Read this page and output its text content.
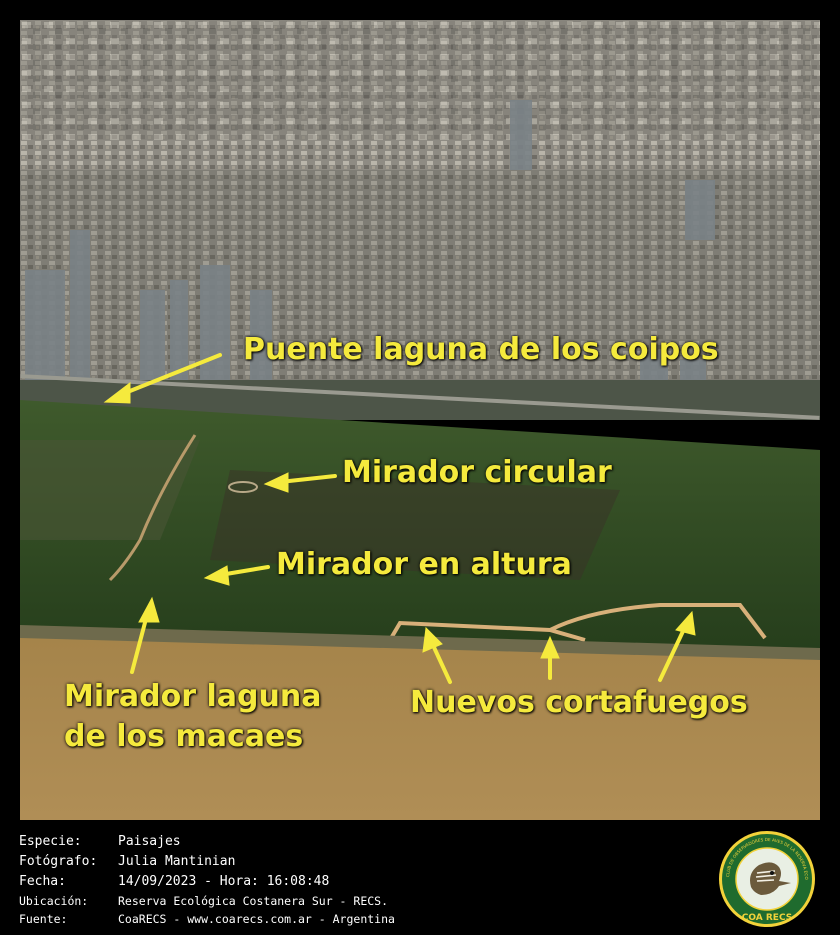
Puente laguna de los coipos
Mirador circular
Mirador en altura
Mirador laguna
de los macaes
Nuevos cortafuegos
Especie:	Paisajes
Fotógrafo: Julia Mantinian
Fecha:	14/09/2023 - Hora: 16:08:48
Ubicación:	Reserva Ecológica Costanera Sur - RECS.
Fuente:	CoaRECS - www.coarecs.com.ar - Argentina	COA RECS
CLUB DE OBSERVADORES DE AVES DE LA RESERVA ECO
